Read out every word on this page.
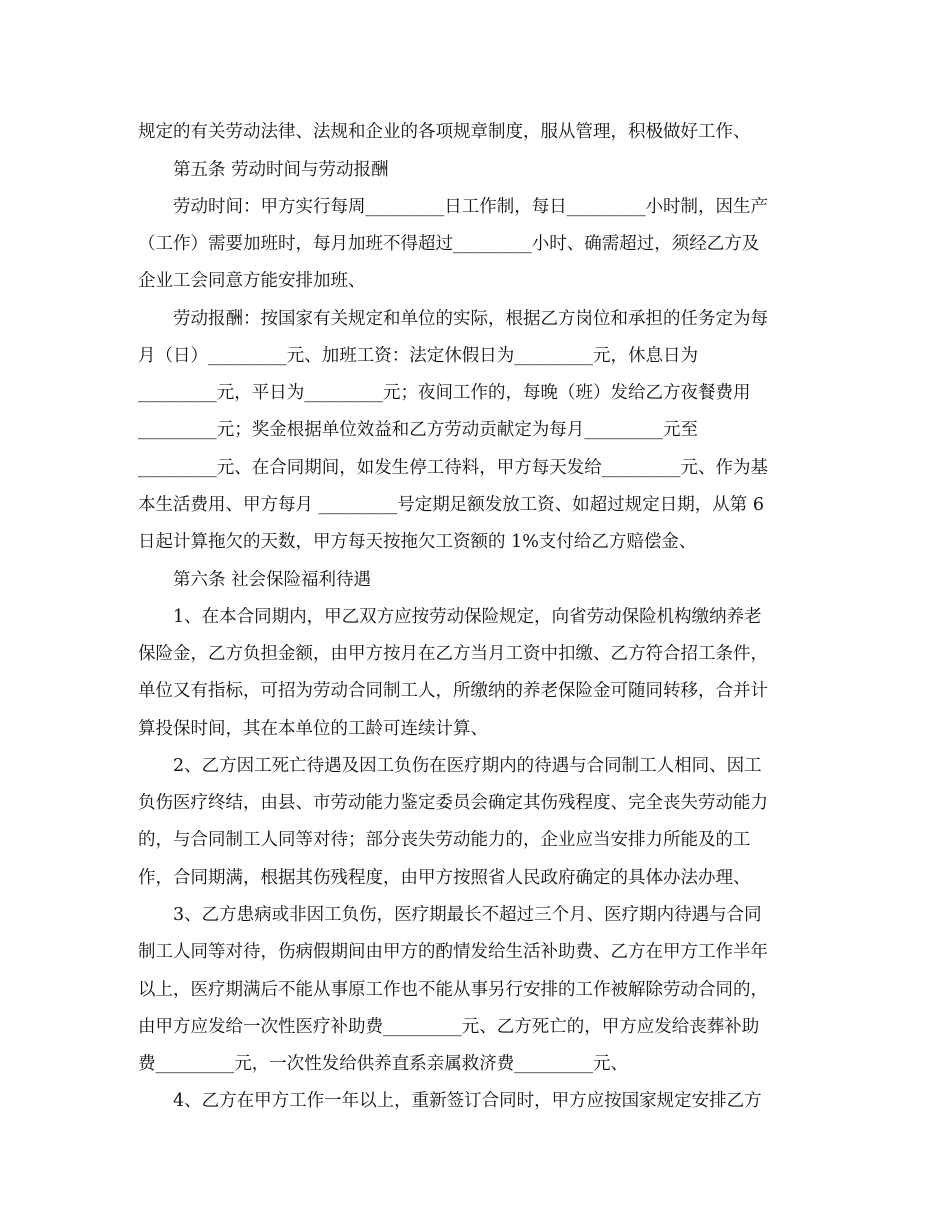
规定的有关劳动法律、法规和企业的各项规章制度，服从管理，积极做好工作、
第五条 劳动时间与劳动报酬
劳动时间：甲方实行每周_________日工作制，每日_________小时制，因生产
（工作）需要加班时，每月加班不得超过_________小时、确需超过，须经乙方及
企业工会同意方能安排加班、
劳动报酬：按国家有关规定和单位的实际，根据乙方岗位和承担的任务定为每
月（日）_________元、加班工资：法定休假日为_________元，休息日为
_________元，平日为_________元；夜间工作的，每晚（班）发给乙方夜餐费用
_________元；奖金根据单位效益和乙方劳动贡献定为每月_________元至
_________元、在合同期间，如发生停工待料，甲方每天发给_________元、作为基
本生活费用、甲方每月 _________号定期足额发放工资、如超过规定日期，从第 6
日起计算拖欠的天数，甲方每天按拖欠工资额的 1%支付给乙方赔偿金、
第六条 社会保险福利待遇
1、在本合同期内，甲乙双方应按劳动保险规定，向省劳动保险机构缴纳养老
保险金，乙方负担金额，由甲方按月在乙方当月工资中扣缴、乙方符合招工条件，
单位又有指标，可招为劳动合同制工人，所缴纳的养老保险金可随同转移，合并计
算投保时间，其在本单位的工龄可连续计算、
2、乙方因工死亡待遇及因工负伤在医疗期内的待遇与合同制工人相同、因工
负伤医疗终结，由县、市劳动能力鉴定委员会确定其伤残程度、完全丧失劳动能力
的，与合同制工人同等对待；部分丧失劳动能力的，企业应当安排力所能及的工
作，合同期满，根据其伤残程度，由甲方按照省人民政府确定的具体办法办理、
3、乙方患病或非因工负伤，医疗期最长不超过三个月、医疗期内待遇与合同
制工人同等对待，伤病假期间由甲方的酌情发给生活补助费、乙方在甲方工作半年
以上，医疗期满后不能从事原工作也不能从事另行安排的工作被解除劳动合同的，
由甲方应发给一次性医疗补助费_________元、乙方死亡的，甲方应发给丧葬补助
费_________元，一次性发给供养直系亲属救济费_________元、
4、乙方在甲方工作一年以上，重新签订合同时，甲方应按国家规定安排乙方
